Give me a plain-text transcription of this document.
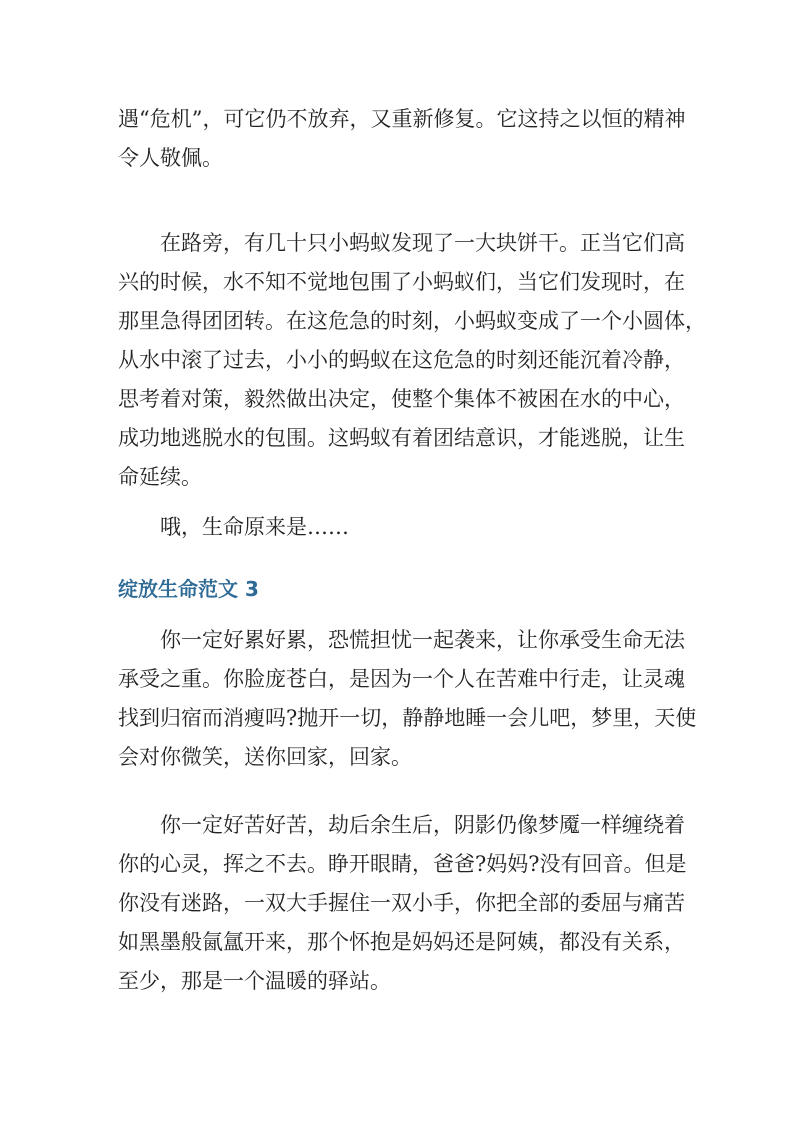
遇“危机”，可它仍不放弃，又重新修复。它这持之以恒的精神
令人敬佩。
在路旁，有几十只小蚂蚁发现了一大块饼干。正当它们高
兴的时候，水不知不觉地包围了小蚂蚁们，当它们发现时，在
那里急得团团转。在这危急的时刻，小蚂蚁变成了一个小圆体，
从水中滚了过去，小小的蚂蚁在这危急的时刻还能沉着冷静，
思考着对策，毅然做出决定，使整个集体不被困在水的中心，
成功地逃脱水的包围。这蚂蚁有着团结意识，才能逃脱，让生
命延续。
哦，生命原来是……
绽放生命范文 3
你一定好累好累，恐慌担忧一起袭来，让你承受生命无法
承受之重。你脸庞苍白，是因为一个人在苦难中行走，让灵魂
找到归宿而消瘦吗?抛开一切，静静地睡一会儿吧，梦里，天使
会对你微笑，送你回家，回家。
你一定好苦好苦，劫后余生后，阴影仍像梦魇一样缠绕着
你的心灵，挥之不去。睁开眼睛，爸爸?妈妈?没有回音。但是
你没有迷路，一双大手握住一双小手，你把全部的委屈与痛苦
如黑墨般氤氲开来，那个怀抱是妈妈还是阿姨，都没有关系，
至少，那是一个温暖的驿站。
